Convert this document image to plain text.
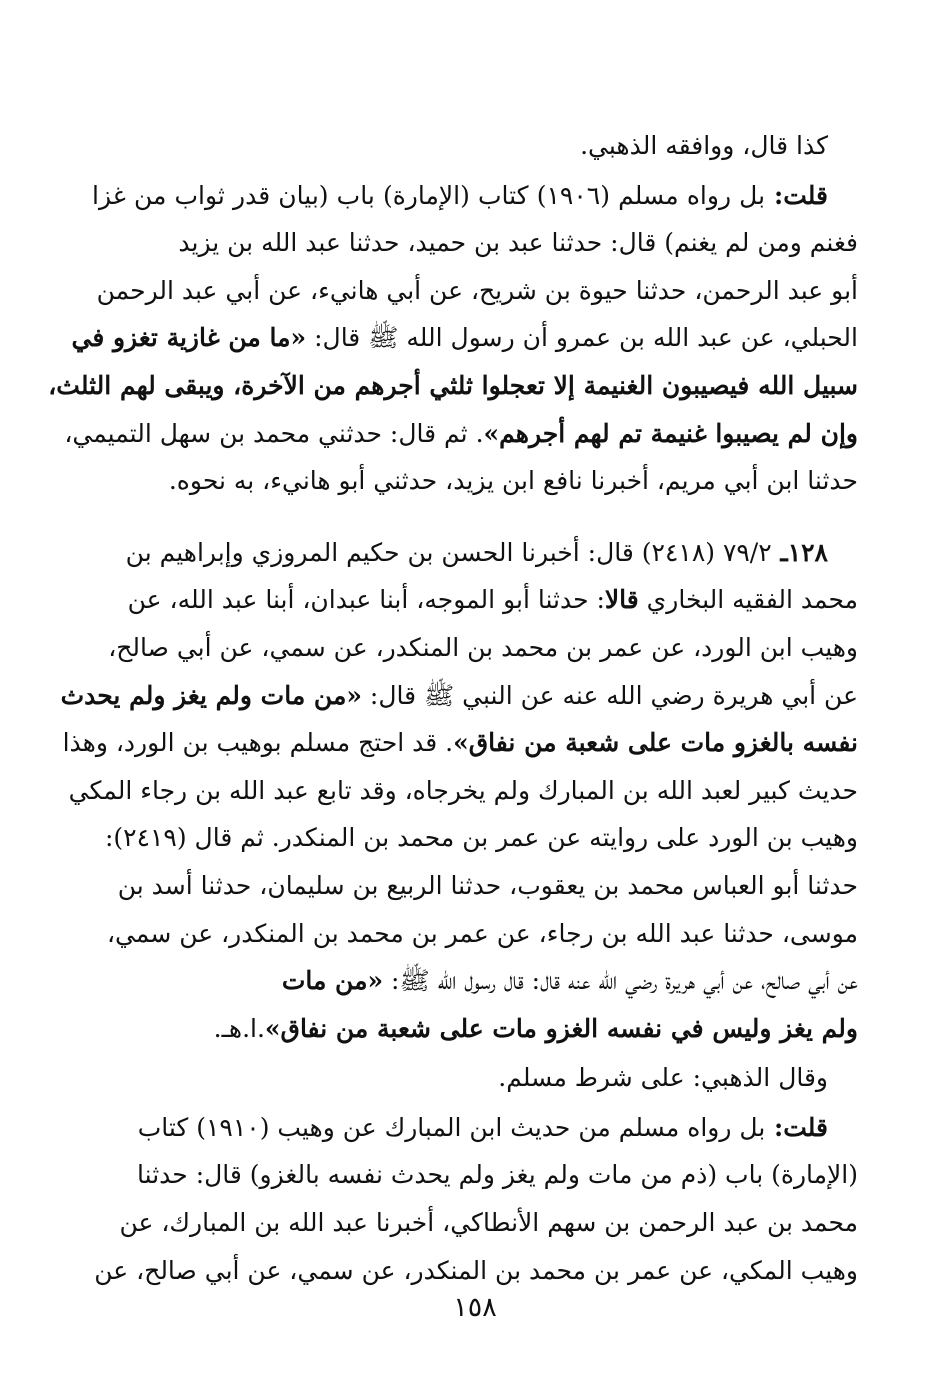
كذا قال، ووافقه الذهبي.
قلت: بل رواه مسلم (١٩٠٦) كتاب (الإمارة) باب (بيان قدر ثواب من غزا
فغنم ومن لم يغنم) قال: حدثنا عبد بن حميد، حدثنا عبد الله بن يزيد
أبو عبد الرحمن، حدثنا حيوة بن شريح، عن أبي هانيء، عن أبي عبد الرحمن
الحبلي، عن عبد الله بن عمرو أن رسول الله ﷺ قال: «ما من غازية تغزو في
سبيل الله فيصيبون الغنيمة إلا تعجلوا ثلثي أجرهم من الآخرة، ويبقى لهم الثلث،
وإن لم يصيبوا غنيمة تم لهم أجرهم». ثم قال: حدثني محمد بن سهل التميمي،
حدثنا ابن أبي مريم، أخبرنا نافع ابن يزيد، حدثني أبو هانيء، به نحوه.
١٢٨ـ ٧٩/٢ (٢٤١٨) قال: أخبرنا الحسن بن حكيم المروزي وإبراهيم بن
محمد الفقيه البخاري قالا: حدثنا أبو الموجه، أبنا عبدان، أبنا عبد الله، عن
وهيب ابن الورد، عن عمر بن محمد بن المنكدر، عن سمي، عن أبي صالح،
عن أبي هريرة رضي الله عنه عن النبي ﷺ قال: «من مات ولم يغز ولم يحدث
نفسه بالغزو مات على شعبة من نفاق». قد احتج مسلم بوهيب بن الورد، وهذا
حديث كبير لعبد الله بن المبارك ولم يخرجاه، وقد تابع عبد الله بن رجاء المكي
وهيب بن الورد على روايته عن عمر بن محمد بن المنكدر. ثم قال (٢٤١٩):
حدثنا أبو العباس محمد بن يعقوب، حدثنا الربيع بن سليمان، حدثنا أسد بن
موسى، حدثنا عبد الله بن رجاء، عن عمر بن محمد بن المنكدر، عن سمي،
عن أبي صالح، عن أبي هريرة رضي الله عنه قال: قال رسول الله ﷺ: «من مات
ولم يغز وليس في نفسه الغزو مات على شعبة من نفاق».ا.هـ.
وقال الذهبي: على شرط مسلم.
قلت: بل رواه مسلم من حديث ابن المبارك عن وهيب (١٩١٠) كتاب
(الإمارة) باب (ذم من مات ولم يغز ولم يحدث نفسه بالغزو) قال: حدثنا
محمد بن عبد الرحمن بن سهم الأنطاكي، أخبرنا عبد الله بن المبارك، عن
وهيب المكي، عن عمر بن محمد بن المنكدر، عن سمي، عن أبي صالح، عن
١٥٨
